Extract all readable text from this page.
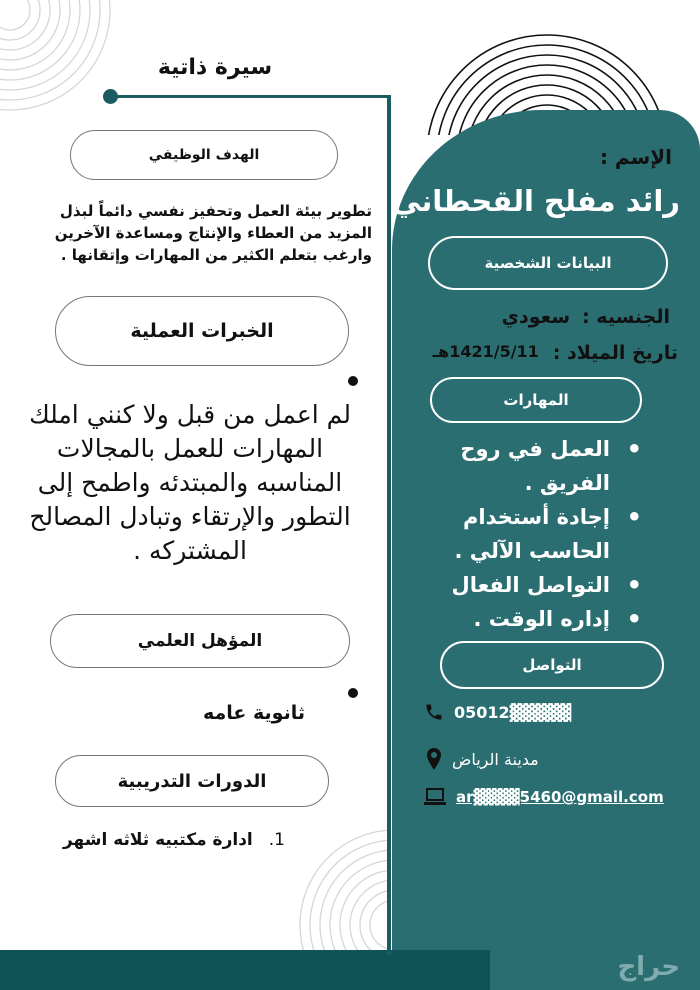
سيرة ذاتية
الهدف الوظيفي
تطوير بيئة العمل وتحفيز نفسي دائماً لبذل المزيد من العطاء والإنتاج ومساعدة الآخرين وارغب بتعلم الكثير من المهارات وإتقانها .
الخبرات العملية
لم اعمل من قبل ولا كنني املك المهارات للعمل بالمجالات المناسبه والمبتدئه واطمح إلى التطور والإرتقاء وتبادل المصالح المشتركه .
المؤهل العلمي
ثانوية عامه
الدورات التدريبية
1.
ادارة مكتبيه ثلاثه اشهر
الإسم :
رائد مفلح القحطاني
البيانات الشخصية
الجنسيه :
سعودي
تاريخ الميلاد :
1421/5/11هـ
المهارات
• العمل في روح الفريق .
• إجادة أستخدام الحاسب الآلي .
• التواصل الفعال
• إداره الوقت .
التواصل
05012▓▓▓▓▓
مدينة الرياض
ar▓▓▓▓5460@gmail.com
حراج
